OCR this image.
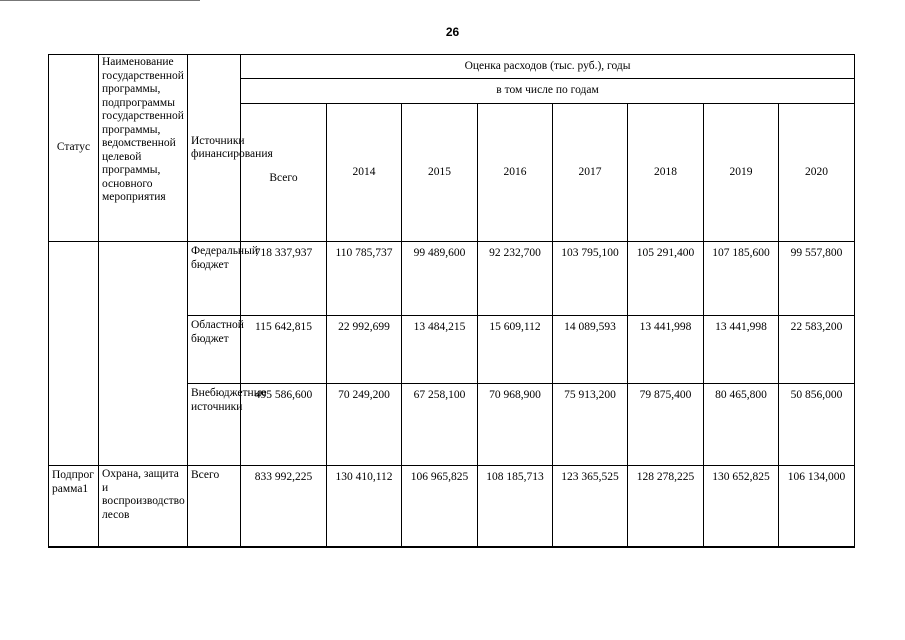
26
Статус	Наименование государственной программы, подпрограммы государственной программы, ведомственной целевой программы, основного мероприятия	Источники финансирования	Оценка расходов (тыс. руб.), годы							
			в том числе по годам							
			Всего	2014	2015	2016	2017	2018	2019	2020
		Федеральный бюджет	718 337,937	110 785,737	99 489,600	92 232,700	103 795,100	105 291,400	107 185,600	99 557,800
		Областной бюджет	115 642,815	22 992,699	13 484,215	15 609,112	14 089,593	13 441,998	13 441,998	22 583,200
		Внебюджетные источники	495 586,600	70 249,200	67 258,100	70 968,900	75 913,200	79 875,400	80 465,800	50 856,000
Подпрограмма1	Охрана, защита и воспроизводство лесов	Всего	833 992,225	130 410,112	106 965,825	108 185,713	123 365,525	128 278,225	130 652,825	106 134,000
